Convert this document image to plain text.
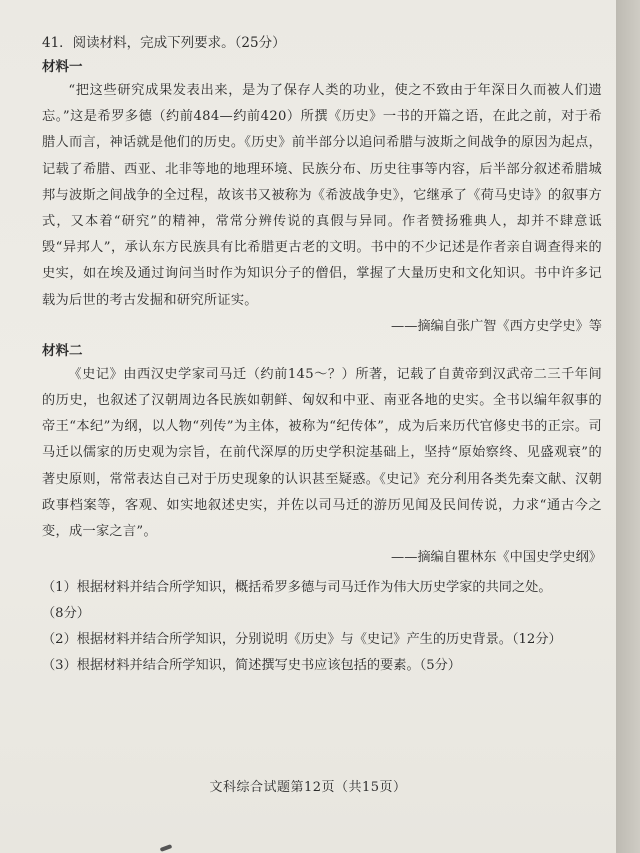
41．阅读材料，完成下列要求。（25分）

材料一

“把这些研究成果发表出来，是为了保存人类的功业，使之不致由于年深日久而被人们遗忘。”这是希罗多德（约前484—约前420）所撰《历史》一书的开篇之语，在此之前，对于希腊人而言，神话就是他们的历史。《历史》前半部分以追问希腊与波斯之间战争的原因为起点，记载了希腊、西亚、北非等地的地理环境、民族分布、历史往事等内容，后半部分叙述希腊城邦与波斯之间战争的全过程，故该书又被称为《希波战争史》，它继承了《荷马史诗》的叙事方式，又本着“研究”的精神，常常分辨传说的真假与异同。作者赞扬雅典人，却并不肆意诋毁“异邦人”，承认东方民族具有比希腊更古老的文明。书中的不少记述是作者亲自调查得来的史实，如在埃及通过询问当时作为知识分子的僧侣，掌握了大量历史和文化知识。书中许多记载为后世的考古发掘和研究所证实。

——摘编自张广智《西方史学史》等

材料二

《史记》由西汉史学家司马迁（约前145～？）所著，记载了自黄帝到汉武帝二三千年间的历史，也叙述了汉朝周边各民族如朝鲜、匈奴和中亚、南亚各地的史实。全书以编年叙事的帝王“本纪”为纲，以人物“列传”为主体，被称为“纪传体”，成为后来历代官修史书的正宗。司马迁以儒家的历史观为宗旨，在前代深厚的历史学积淀基础上，坚持“原始察终、见盛观衰”的著史原则，常常表达自己对于历史现象的认识甚至疑惑。《史记》充分利用各类先秦文献、汉朝政事档案等，客观、如实地叙述史实，并佐以司马迁的游历见闻及民间传说，力求“通古今之变，成一家之言”。

——摘编自瞿林东《中国史学史纲》

（1）根据材料并结合所学知识，概括希罗多德与司马迁作为伟大历史学家的共同之处。
（8分）

（2）根据材料并结合所学知识，分别说明《历史》与《史记》产生的历史背景。（12分）

（3）根据材料并结合所学知识，简述撰写史书应该包括的要素。（5分）

文科综合试题第12页（共15页）
